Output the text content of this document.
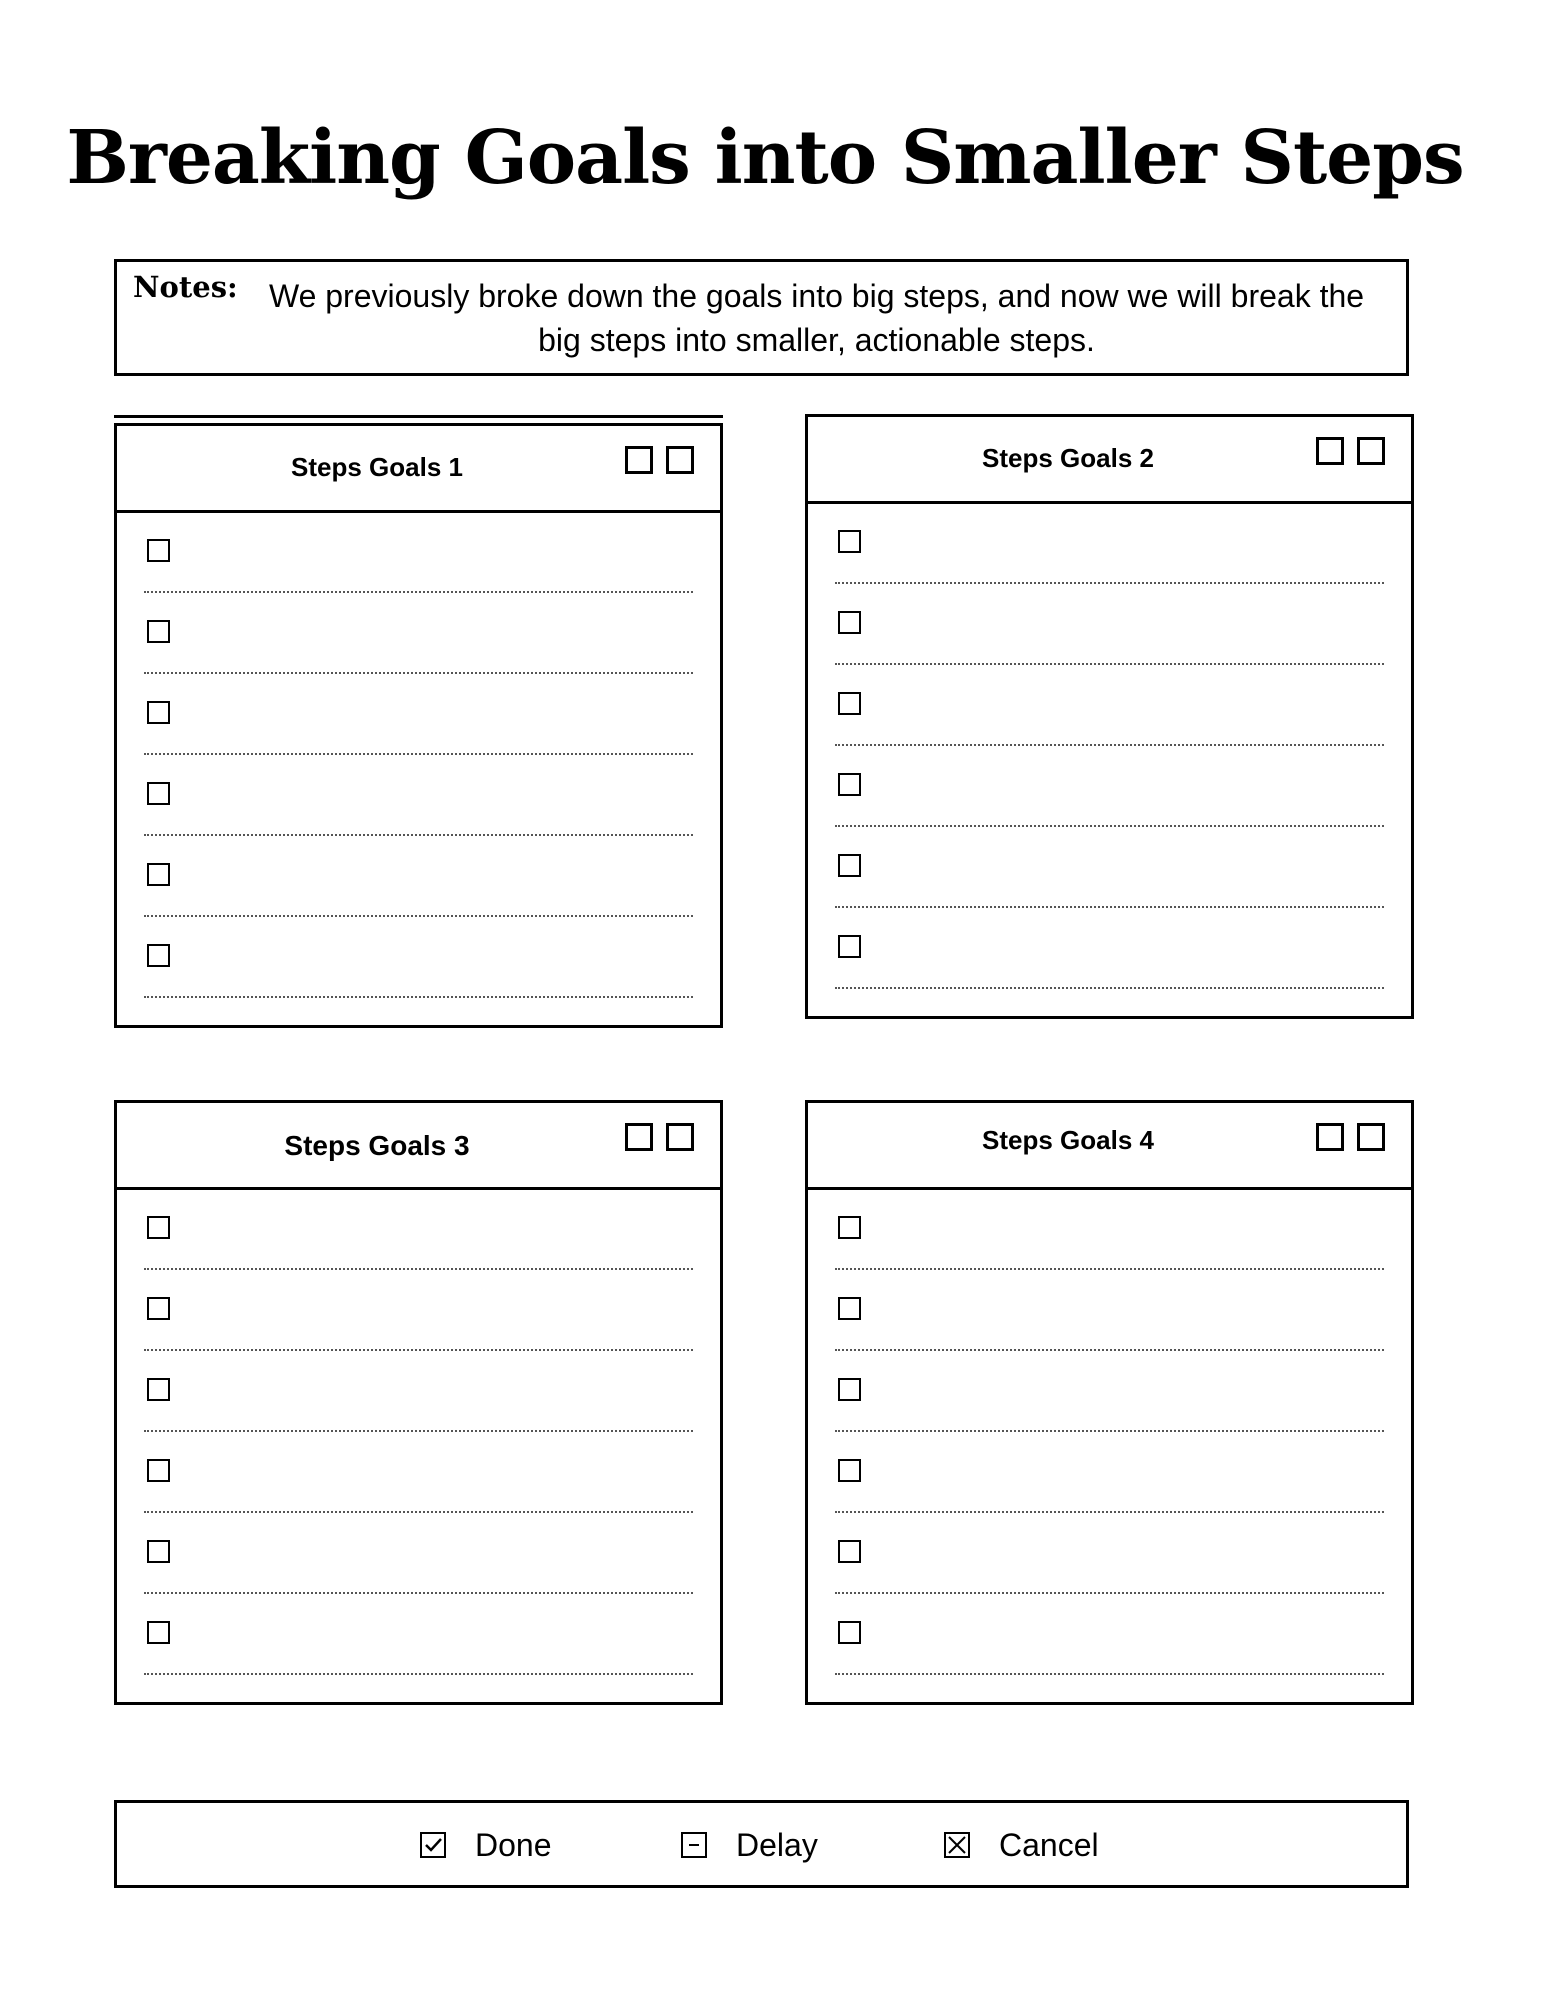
Breaking Goals into Smaller Steps
Notes: We previously broke down the goals into big steps, and now we will break the big steps into smaller, actionable steps.
Steps Goals 1	Steps Goals 2
Steps Goals 3	Steps Goals 4
Done	Delay	Cancel
